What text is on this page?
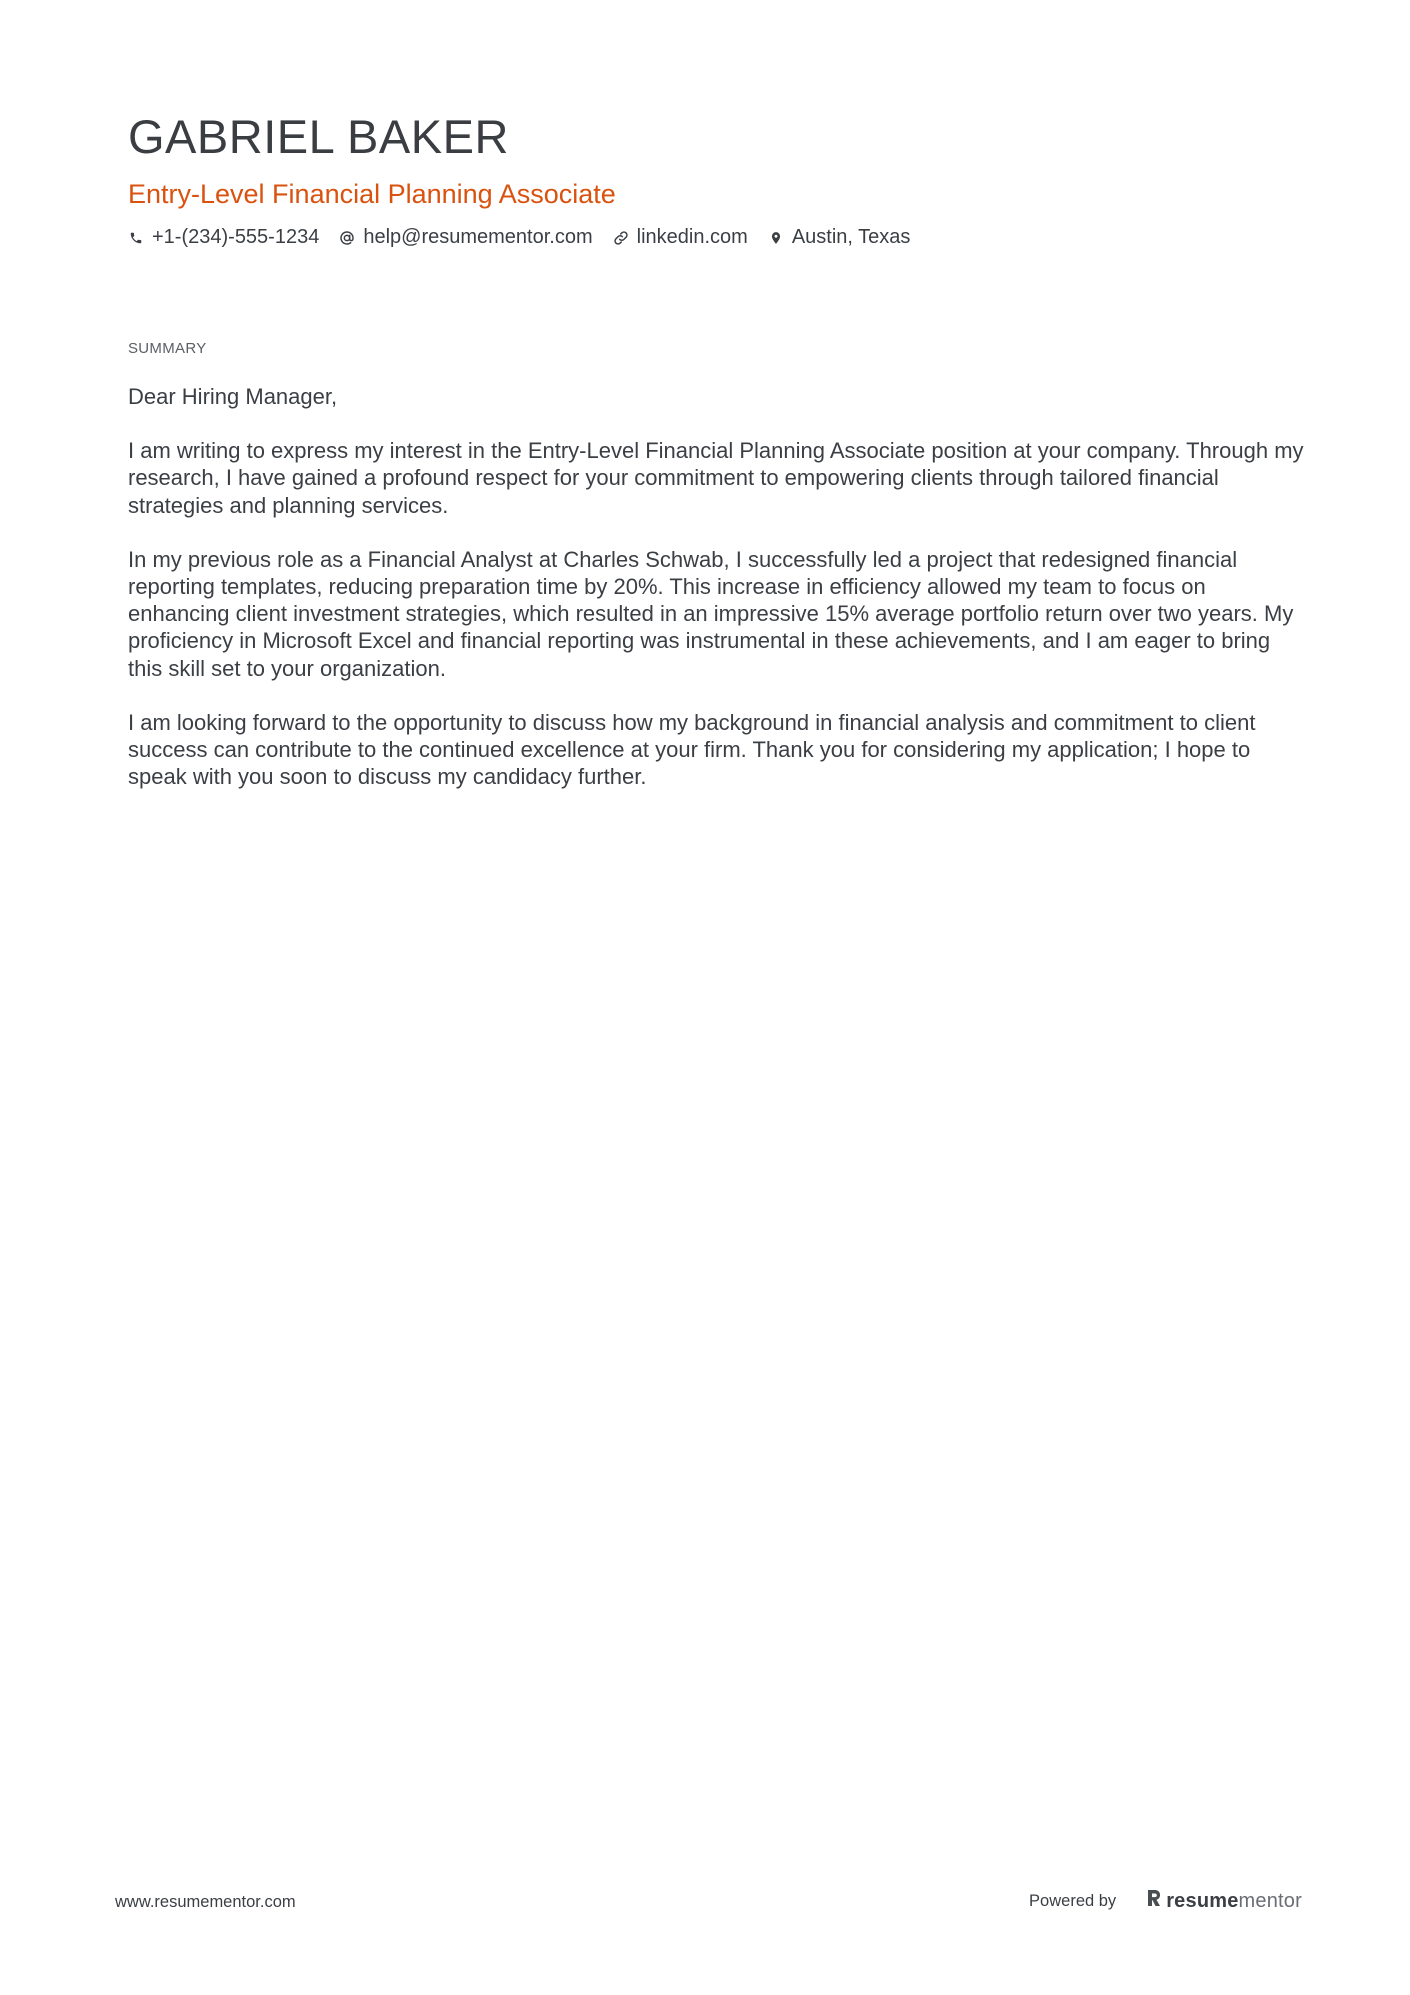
GABRIEL BAKER
Entry-Level Financial Planning Associate
+1-(234)-555-1234 help@resumementor.com linkedin.com Austin, Texas
SUMMARY

Dear Hiring Manager,

I am writing to express my interest in the Entry-Level Financial Planning Associate position at your company. Through my research, I have gained a profound respect for your commitment to empowering clients through tailored financial strategies and planning services.

In my previous role as a Financial Analyst at Charles Schwab, I successfully led a project that redesigned financial reporting templates, reducing preparation time by 20%. This increase in efficiency allowed my team to focus on enhancing client investment strategies, which resulted in an impressive 15% average portfolio return over two years. My proficiency in Microsoft Excel and financial reporting was instrumental in these achievements, and I am eager to bring this skill set to your organization.

I am looking forward to the opportunity to discuss how my background in financial analysis and commitment to client success can contribute to the continued excellence at your firm. Thank you for considering my application; I hope to speak with you soon to discuss my candidacy further.

www.resumementor.com	Powered by	resume mentor
